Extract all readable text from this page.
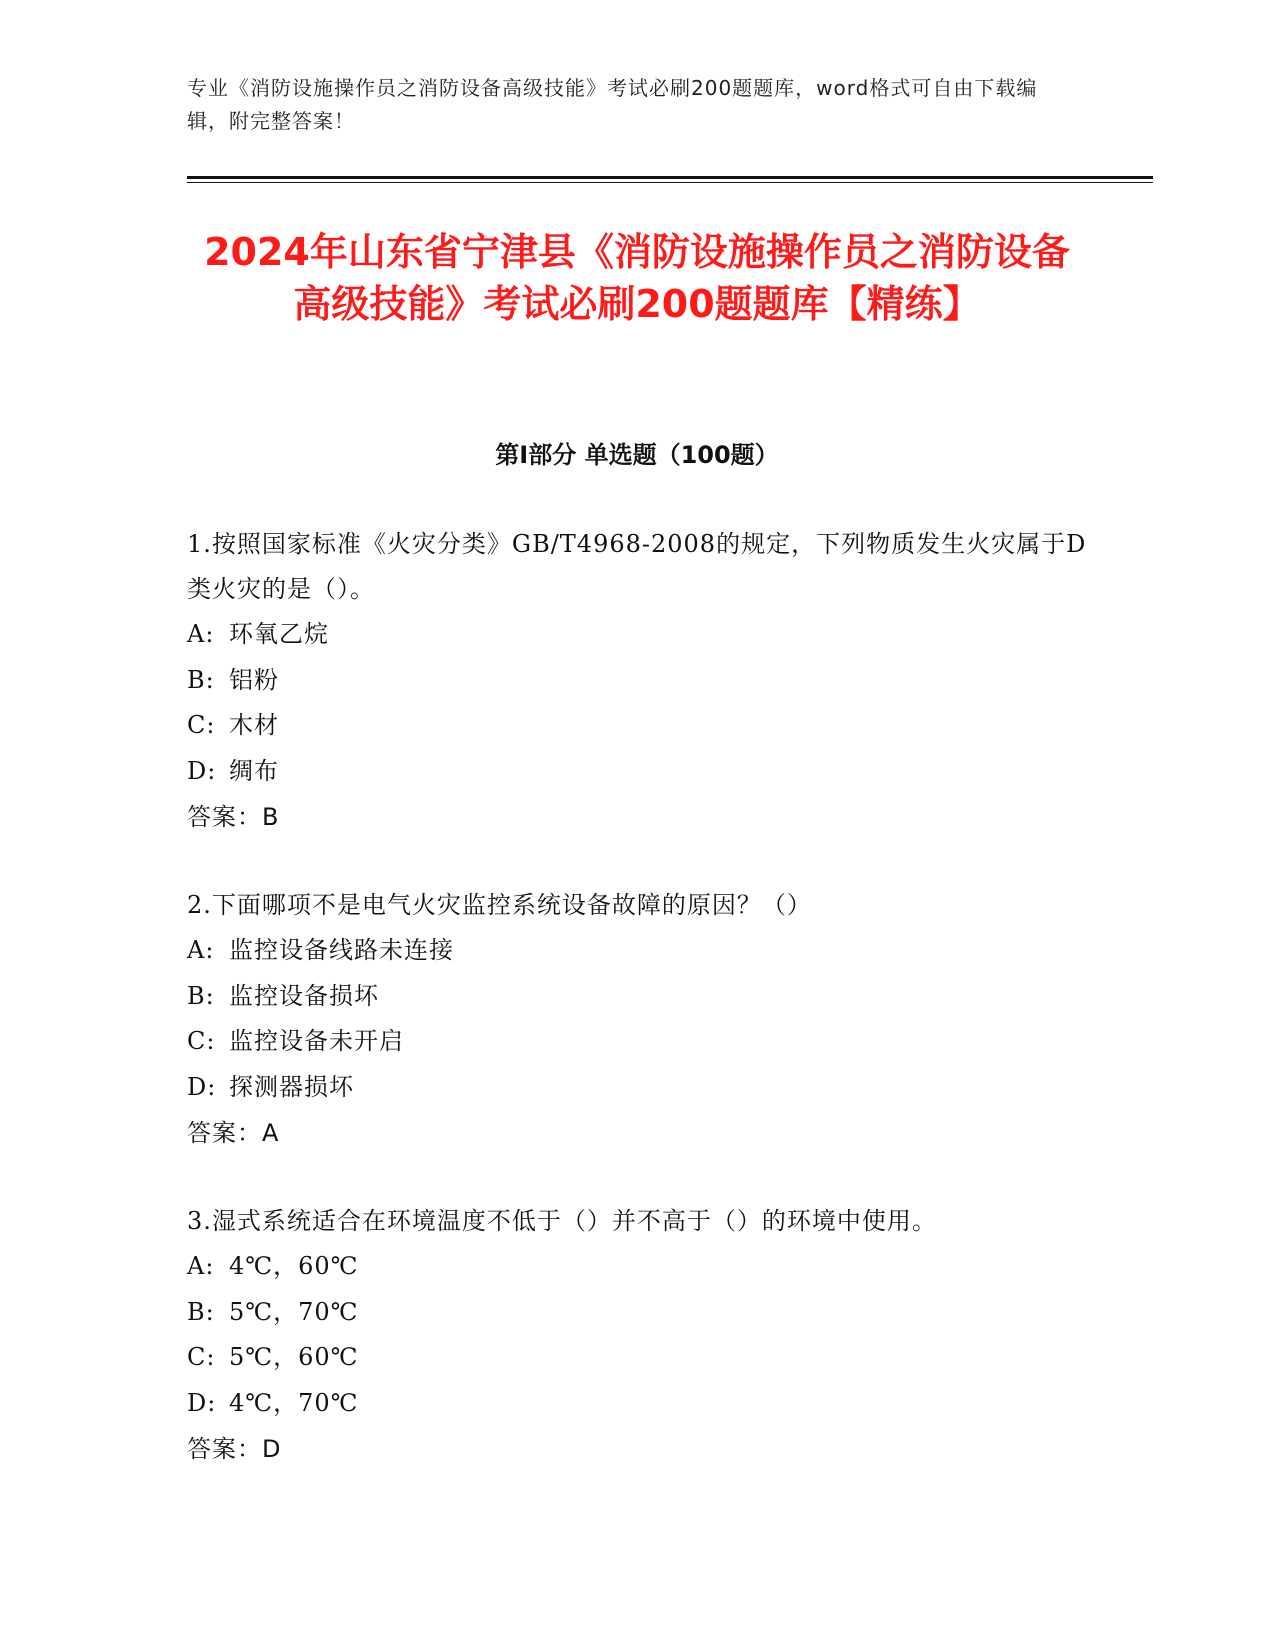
专业《消防设施操作员之消防设备高级技能》考试必刷200题题库，word格式可自由下载编辑，附完整答案！
2024年山东省宁津县《消防设施操作员之消防设备高级技能》考试必刷200题题库【精练】
第I部分 单选题（100题）
1.按照国家标准《火灾分类》GB/T4968-2008的规定，下列物质发生火灾属于D类火灾的是（）。
A: 环氧乙烷
B: 铝粉
C: 木材
D: 绸布
答案：B
2.下面哪项不是电气火灾监控系统设备故障的原因？（）
A: 监控设备线路未连接
B: 监控设备损坏
C: 监控设备未开启
D: 探测器损坏
答案：A
3.湿式系统适合在环境温度不低于（）并不高于（）的环境中使用。
A: 4℃，60℃
B: 5℃，70℃
C: 5℃，60℃
D: 4℃，70℃
答案：D
